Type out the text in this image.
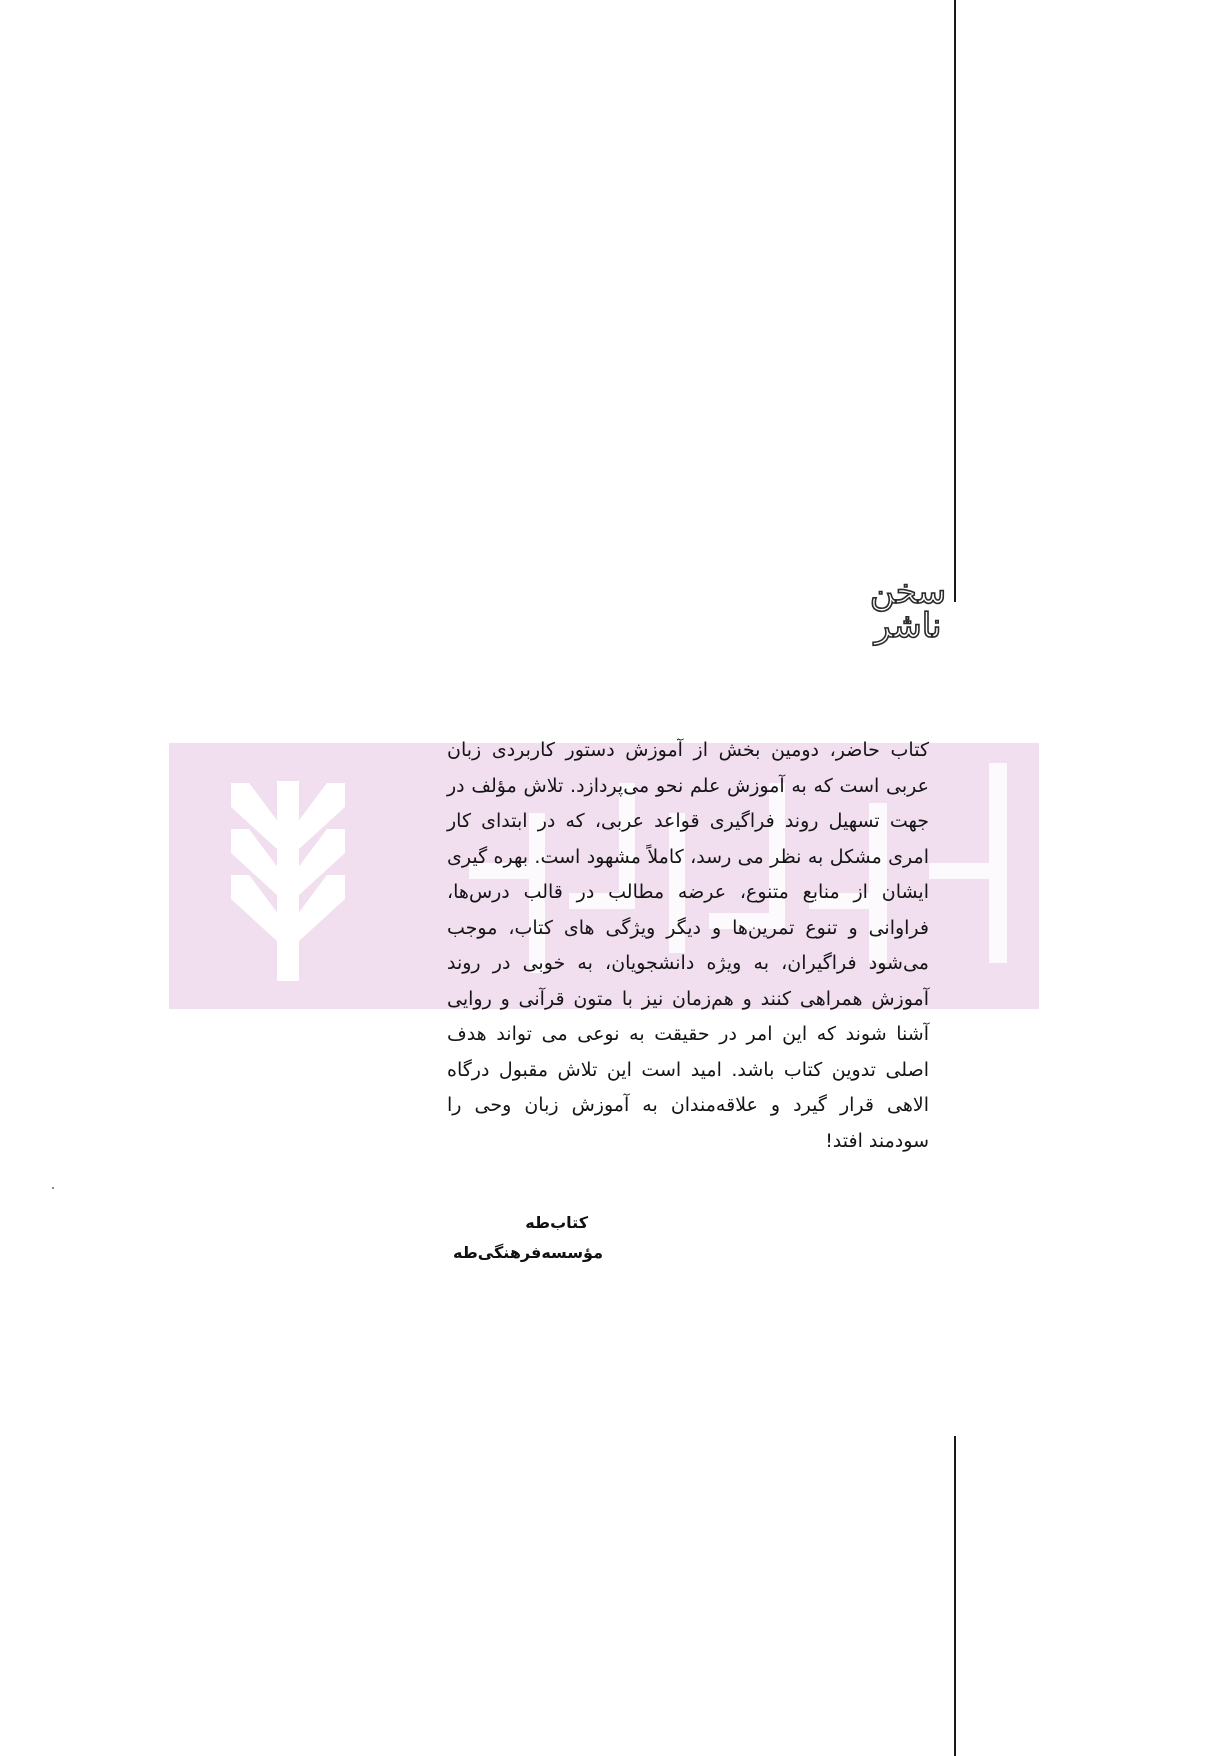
سخن ناشر

کتاب حاضر، دومین بخش از آموزش دستور کاربردی زبان عربی است که به آموزش علم نحو می‌پردازد. تلاش مؤلف در جهت تسهیل روند فراگیری قواعد عربی، که در ابتدای کار امری مشکل به نظر می رسد، کاملاً مشهود است. بهره گیری ایشان از منابع متنوع، عرضه مطالب در قالب درس‌ها، فراوانی و تنوع تمرین‌ها و دیگر ویژگی های کتاب، موجب می‌شود فراگیران، به ویژه دانشجویان، به خوبی در روند آموزش همراهی کنند و هم‌زمان نیز با متون قرآنی و روایی آشنا شوند که این امر در حقیقت به نوعی می تواند هدف اصلی تدوین کتاب باشد. امید است این تلاش مقبول درگاه الاهی قرار گیرد و علاقه‌مندان به آموزش زبان وحی را سودمند افتد!

کتاب‌طه
مؤسسه‌فرهنگی‌طه
